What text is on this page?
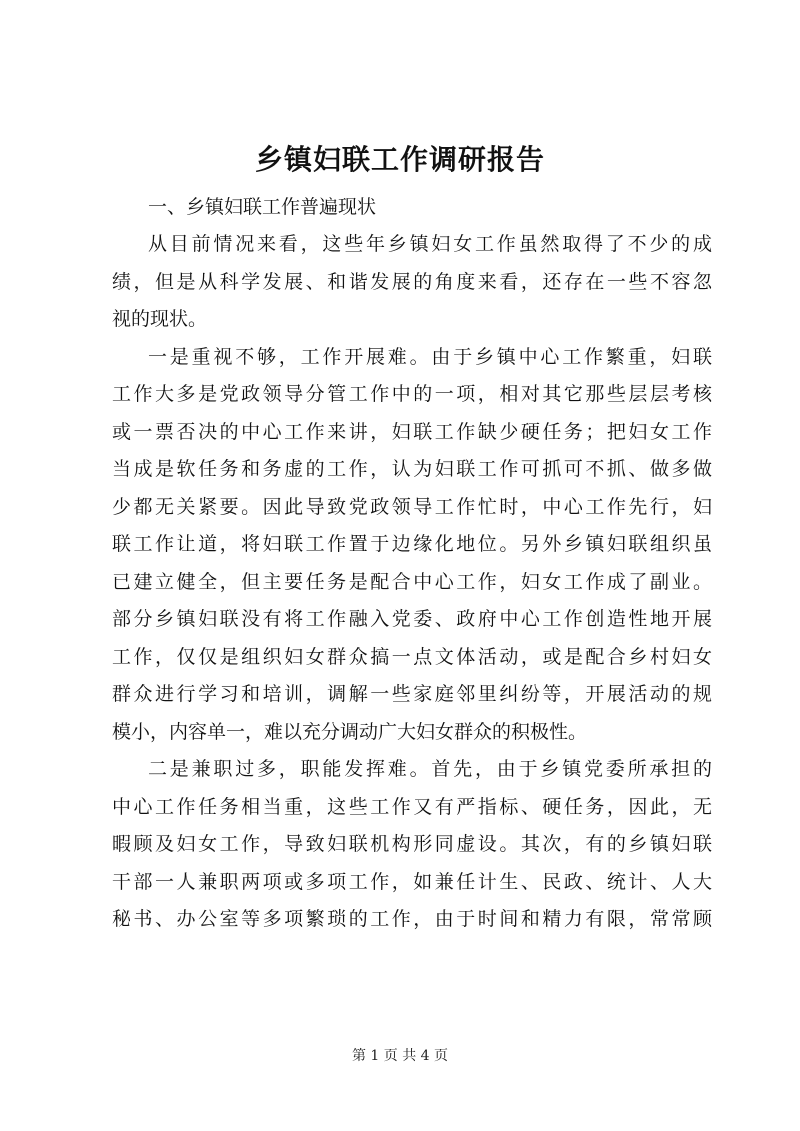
乡镇妇联工作调研报告

一、乡镇妇联工作普遍现状

从目前情况来看，这些年乡镇妇女工作虽然取得了不少的成
绩，但是从科学发展、和谐发展的角度来看，还存在一些不容忽
视的现状。

一是重视不够，工作开展难。由于乡镇中心工作繁重，妇联
工作大多是党政领导分管工作中的一项，相对其它那些层层考核
或一票否决的中心工作来讲，妇联工作缺少硬任务；把妇女工作
当成是软任务和务虚的工作，认为妇联工作可抓可不抓、做多做
少都无关紧要。因此导致党政领导工作忙时，中心工作先行，妇
联工作让道，将妇联工作置于边缘化地位。另外乡镇妇联组织虽
已建立健全，但主要任务是配合中心工作，妇女工作成了副业。
部分乡镇妇联没有将工作融入党委、政府中心工作创造性地开展
工作，仅仅是组织妇女群众搞一点文体活动，或是配合乡村妇女
群众进行学习和培训，调解一些家庭邻里纠纷等，开展活动的规
模小，内容单一，难以充分调动广大妇女群众的积极性。

二是兼职过多，职能发挥难。首先，由于乡镇党委所承担的
中心工作任务相当重，这些工作又有严指标、硬任务，因此，无
暇顾及妇女工作，导致妇联机构形同虚设。其次，有的乡镇妇联
干部一人兼职两项或多项工作，如兼任计生、民政、统计、人大
秘书、办公室等多项繁琐的工作，由于时间和精力有限，常常顾

第 1 页 共 4 页
